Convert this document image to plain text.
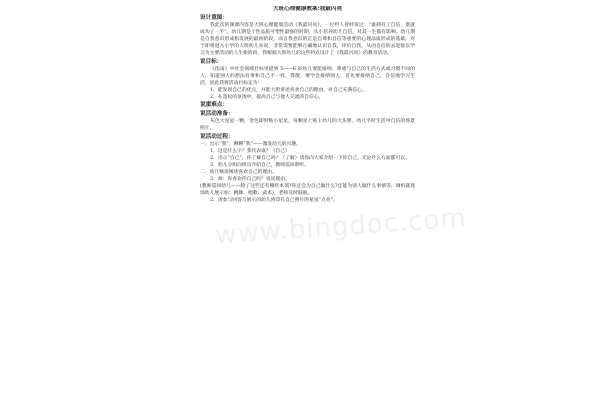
大班心理健康教案:我最闪亮
设计意图：

我此次的课课内容是大班心理健康活动《我最闪亮》，一位哲人曾经说过：“谁拥有了自信，谁就成功了一半”。幼儿期是个性品质可塑性最强的时期，从小培养幼儿自信，对其一生都有影响。幼儿期是自我意识形成和发展的最初阶段，而自我意识的正是自尊和自信等重要的心理品质形成的基础。对于即将进入小学的大班幼儿来说，非常需要能够正确地认识自我，评价自我，从而自信的去迎接以学习为主要活动的人生新阶段，我根据大班幼儿的这些特点设计了《我最闪亮》的教育活动。

说目标：

《指南》中社会领域目标里提到 5——6 岁幼儿要能接纳、尊重与自己的生活方式或习惯不同的人，知道别人的想法有事和自己不一样，我散，要学会接纳别人，首先要接纳自己，自信地学习生活，因此我将活动目标定为：

1．能发现自己的优点，并能大胆讲述喜欢自己的理由，对自己充满信心。

2．在宽松的氛围中，提高自己与他人交流的自信心。

说重难点：
说活动准备：

灰色大星星一颗，金色即时贴小星星，每颗星上贴上幼儿的大头照，幼儿平时生活中自信的场景照片。

说活动过程：

一、出示“我”，聊聊“我”——激发幼儿的兴趣。

1．这是什么字？我代表谁？（自己）

2．出示“自己”，你了解自己吗？（了解）请你向大家介绍一下你自己，无论什么方面都可以。

3．幼儿分组向组员介绍自己，教师巡回聆听。

二、幼儿畅谈阐述喜欢自己的理由。

3、师：你喜欢你自己吗？说说理由。

(教师巡回幼儿——除了这些还有哪些本领?你还会为自己做什么?还能为别人做什么事情等，调机就现场幼儿展示如：跳舞、唱歌、武术)，老师及时鼓励。

2．请参与回答与展示的幼儿将印有自己照片的星星“点亮”。

www.bingdoc.com
